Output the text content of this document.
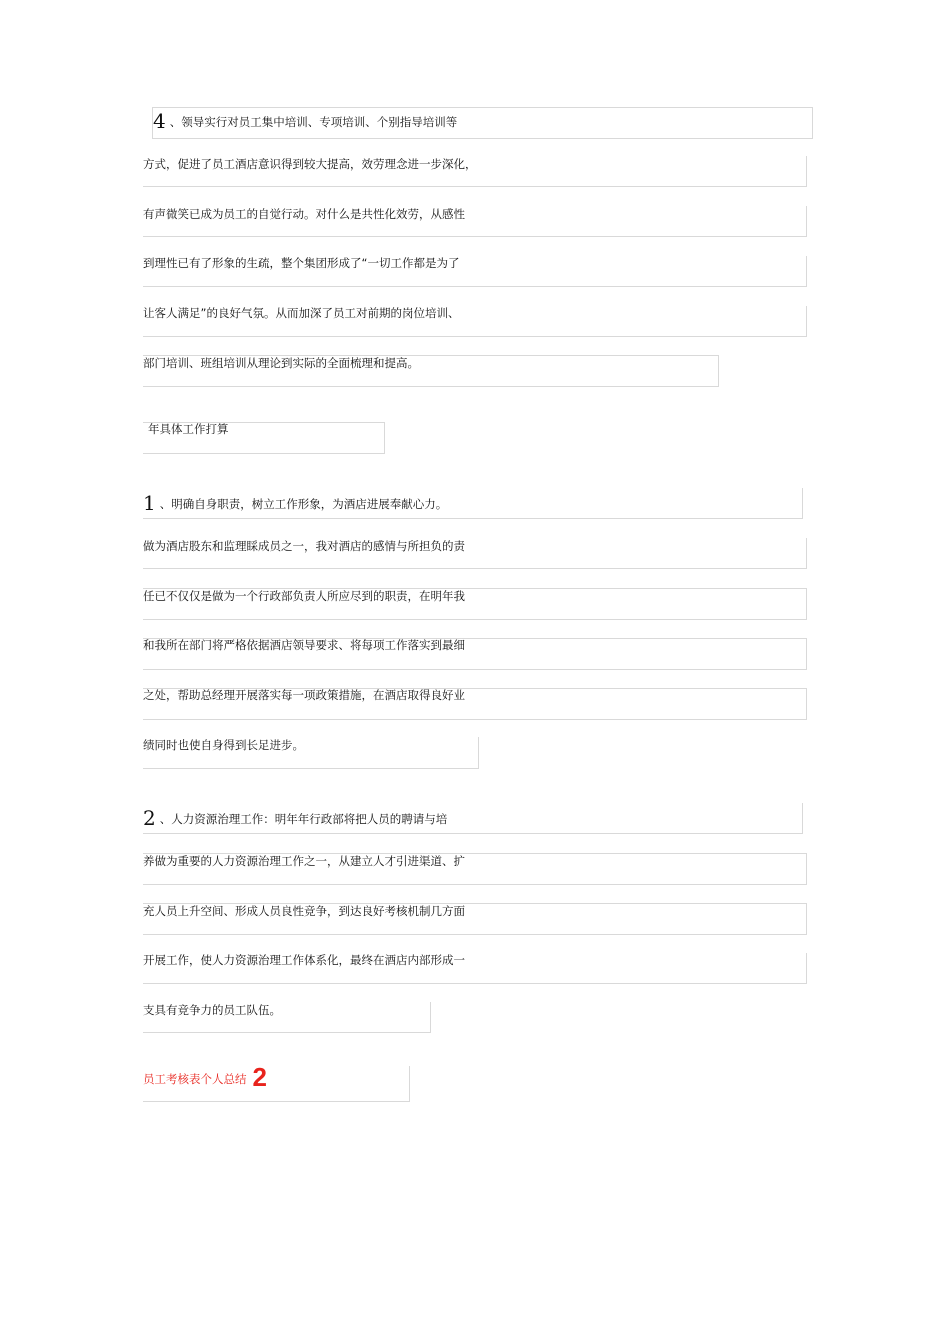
4 、领导实行对员工集中培训、专项培训、个别指导培训等
方式，促进了员工酒店意识得到较大提高，效劳理念进一步深化，
有声微笑已成为员工的自觉行动。对什么是共性化效劳，从感性
到理性已有了形象的生疏，整个集团形成了“一切工作都是为了
让客人满足”的良好气氛。从而加深了员工对前期的岗位培训、
部门培训、班组培训从理论到实际的全面梳理和提高。
年具体工作打算
1 、明确自身职责，树立工作形象，为酒店进展奉献心力。
做为酒店股东和监理睬成员之一，我对酒店的感情与所担负的责
任已不仅仅是做为一个行政部负责人所应尽到的职责，在明年我
和我所在部门将严格依据酒店领导要求、将每项工作落实到最细
之处，帮助总经理开展落实每一项政策措施，在酒店取得良好业
绩同时也使自身得到长足进步。
2 、人力资源治理工作：明年年行政部将把人员的聘请与培
养做为重要的人力资源治理工作之一，从建立人才引进渠道、扩
充人员上升空间、形成人员良性竞争，到达良好考核机制几方面
开展工作，使人力资源治理工作体系化，最终在酒店内部形成一
支具有竞争力的员工队伍。
员工考核表个人总结 2
